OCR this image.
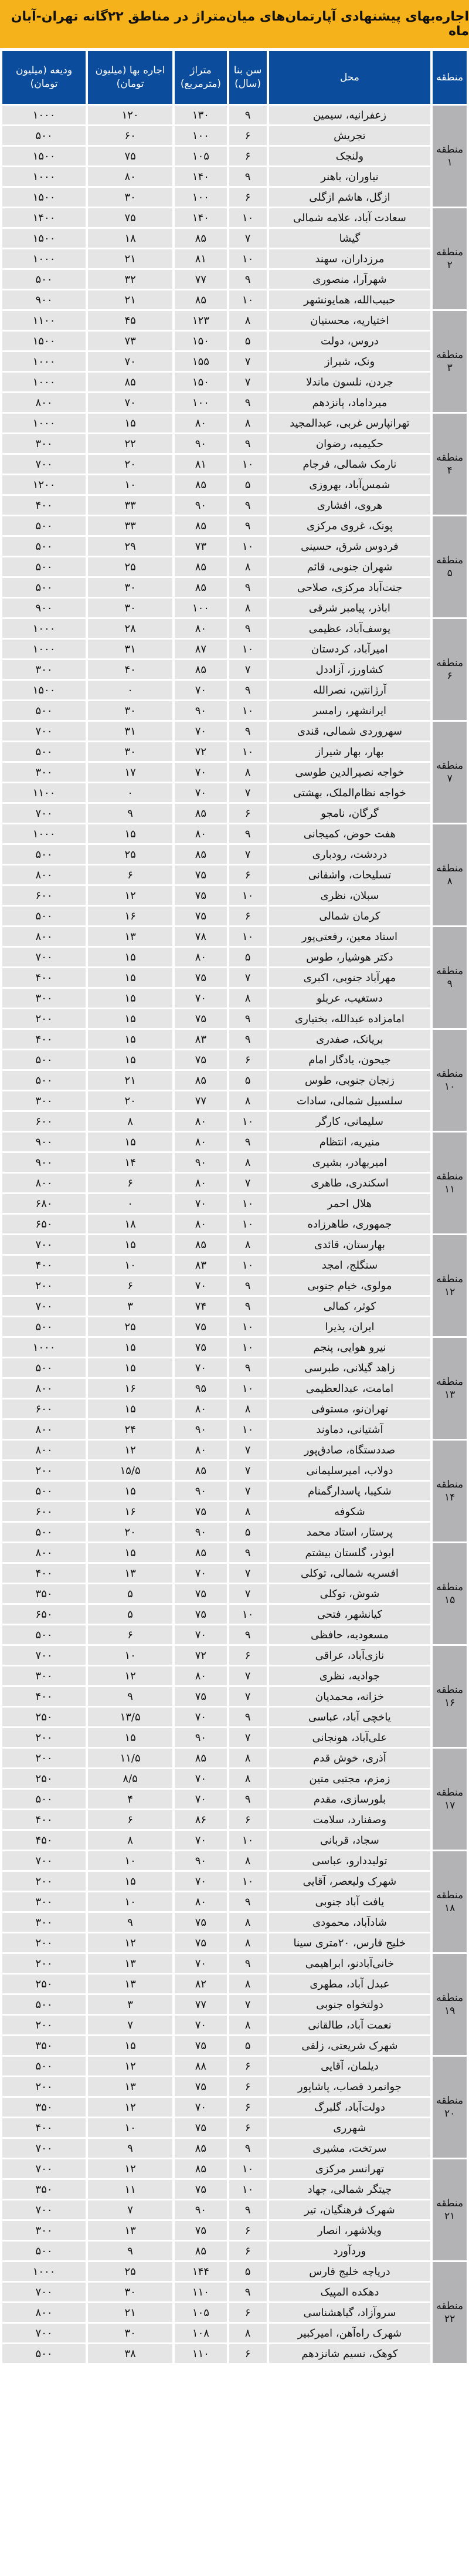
اجاره‌بهای پیشنهادی آپارتمان‌های میان‌متراژ در مناطق ۲۲گانه تهران-آبان ماه
منطقه	محل	سن بنا (سال)	متراژ (مترمربع)	اجاره بها (میلیون تومان)	ودیعه (میلیون تومان)
منطقه ۱	زعفرانیه، سیمین	۹	۱۳۰	۱۲۰	۱۰۰۰
	تجریش	۶	۱۰۰	۶۰	۵۰۰
	ولنجک	۶	۱۰۵	۷۵	۱۵۰۰
	نیاوران، باهنر	۹	۱۴۰	۸۰	۱۰۰۰
	ازگل، هاشم ازگلی	۶	۱۰۰	۳۰	۱۵۰۰
منطقه ۲	سعادت آباد، علامه شمالی	۱۰	۱۴۰	۷۵	۱۴۰۰
	گیشا	۷	۸۵	۱۸	۱۵۰۰
	مرزداران، سهند	۱۰	۸۱	۲۱	۱۰۰۰
	شهرآرا، منصوری	۹	۷۷	۳۲	۵۰۰
	حبیب‌الله، همایونشهر	۱۰	۸۵	۲۱	۹۰۰
منطقه ۳	اختیاریه، محسنیان	۸	۱۲۳	۴۵	۱۱۰۰
	دروس، دولت	۵	۱۵۰	۷۳	۱۵۰۰
	ونک، شیراز	۷	۱۵۵	۷۰	۱۰۰۰
	جردن، نلسون ماندلا	۷	۱۵۰	۸۵	۱۰۰۰
	میرداماد، پانزدهم	۹	۱۰۰	۷۰	۸۰۰
منطقه ۴	تهرانپارس غربی، عبدالمجید	۸	۸۰	۱۵	۱۰۰۰
	حکیمیه، رضوان	۹	۹۰	۲۲	۳۰۰
	نارمک شمالی، فرجام	۱۰	۸۱	۲۰	۷۰۰
	شمس‌آباد، بهروزی	۵	۸۵	۱۰	۱۲۰۰
	هروی، افشاری	۹	۹۰	۳۳	۴۰۰
منطقه ۵	پونک، غروی مرکزی	۹	۸۵	۳۳	۵۰۰
	فردوس شرق، حسینی	۱۰	۷۳	۲۹	۵۰۰
	شهران جنوبی، قائم	۸	۸۵	۲۵	۵۰۰
	جنت‌آباد مرکزی، صلاحی	۹	۸۵	۳۰	۵۰۰
	اباذر، پیامبر شرقی	۸	۱۰۰	۳۰	۹۰۰
منطقه ۶	یوسف‌آباد، عظیمی	۹	۸۰	۲۸	۱۰۰۰
	امیرآباد، کردستان	۱۰	۸۷	۳۱	۱۰۰۰
	کشاورز، آزاددل	۷	۸۵	۴۰	۳۰۰
	آرژانتین، نصرالله	۹	۷۰	۰	۱۵۰۰
	ایرانشهر، رامسر	۱۰	۹۰	۳۰	۵۰۰
منطقه ۷	سهروردی شمالی، قندی	۹	۷۰	۳۱	۷۰۰
	بهار، بهار شیراز	۱۰	۷۲	۳۰	۵۰۰
	خواجه نصیرالدین طوسی	۸	۷۰	۱۷	۳۰۰
	خواجه نظام‌الملک، بهشتی	۷	۷۰	۰	۱۱۰۰
	گرگان، نامجو	۶	۸۵	۹	۷۰۰
منطقه ۸	هفت حوض، کمیجانی	۹	۸۰	۱۵	۱۰۰۰
	دردشت، رودباری	۷	۸۵	۲۵	۵۰۰
	تسلیحات، واشقانی	۶	۷۵	۶	۸۰۰
	سبلان، نظری	۱۰	۷۵	۱۲	۶۰۰
	کرمان شمالی	۶	۷۵	۱۶	۵۰۰
منطقه ۹	استاد معین، رفعتی‌پور	۱۰	۷۸	۱۳	۸۰۰
	دکتر هوشیار، طوس	۵	۸۰	۱۵	۷۰۰
	مهرآباد جنوبی، اکبری	۷	۷۵	۱۵	۴۰۰
	دستغیب، عربلو	۸	۷۰	۱۵	۳۰۰
	امامزاده عبدالله، بختیاری	۹	۷۵	۱۵	۲۰۰
منطقه ۱۰	بریانک، صفدری	۹	۸۳	۱۵	۴۰۰
	جیحون، یادگار امام	۶	۷۵	۱۵	۵۰۰
	زنجان جنوبی، طوس	۵	۸۵	۲۱	۵۰۰
	سلسبیل شمالی، سادات	۸	۷۷	۲۰	۳۰۰
	سلیمانی، کارگر	۱۰	۸۰	۸	۶۰۰
منطقه ۱۱	منیریه، انتظام	۹	۸۰	۱۵	۹۰۰
	امیربهادر، بشیری	۸	۹۰	۱۴	۹۰۰
	اسکندری، طاهری	۷	۸۰	۶	۸۰۰
	هلال احمر	۱۰	۷۰	۰	۶۸۰
	جمهوری، طاهرزاده	۱۰	۸۰	۱۸	۶۵۰
منطقه ۱۲	بهارستان، قائدی	۸	۸۵	۱۵	۷۰۰
	سنگلج، امجد	۱۰	۸۳	۱۰	۴۰۰
	مولوی، خیام جنوبی	۹	۷۰	۶	۲۰۰
	کوثر، کمالی	۹	۷۴	۳	۷۰۰
	ایران، پذیرا	۱۰	۷۵	۲۵	۵۰۰
منطقه ۱۳	نیرو هوایی، پنجم	۱۰	۷۵	۱۵	۱۰۰۰
	زاهد گیلانی، طبرسی	۹	۷۰	۱۵	۵۰۰
	امامت، عبدالعظیمی	۱۰	۹۵	۱۶	۸۰۰
	تهران‌نو، مستوفی	۸	۸۰	۱۵	۶۰۰
	آشتیانی، دماوند	۱۰	۹۰	۲۴	۸۰۰
منطقه ۱۴	صددستگاه، صادق‌پور	۷	۸۰	۱۲	۸۰۰
	دولاب، امیرسلیمانی	۷	۸۵	۱۵/۵	۲۰۰
	شکیبا، پاسدارگمنام	۷	۹۰	۱۵	۵۰۰
	شکوفه	۸	۷۵	۱۶	۶۰۰
	پرستار، استاد محمد	۵	۹۰	۲۰	۵۰۰
منطقه ۱۵	ابوذر، گلستان بیشتم	۹	۸۵	۱۵	۸۰۰
	افسریه شمالی، توکلی	۷	۷۰	۱۳	۴۰۰
	شوش، توکلی	۷	۷۵	۵	۳۵۰
	کیانشهر، فتحی	۱۰	۷۵	۵	۶۵۰
	مسعودیه، حافظی	۹	۷۰	۶	۵۰۰
منطقه ۱۶	نازی‌آباد، عراقی	۶	۷۲	۱۰	۷۰۰
	جوادیه، نظری	۷	۸۰	۱۲	۳۰۰
	خزانه، محمدیان	۷	۷۵	۹	۴۰۰
	یاخچی آباد، عباسی	۹	۷۰	۱۳/۵	۲۵۰
	علی‌آباد، هونجانی	۷	۹۰	۱۵	۲۰۰
منطقه ۱۷	آذری، خوش قدم	۸	۸۵	۱۱/۵	۲۰۰
	زمزم، مجتبی متین	۸	۷۰	۸/۵	۲۵۰
	بلورسازی، مقدم	۹	۷۰	۴	۵۰۰
	وصفنارد، سلامت	۶	۸۶	۶	۴۰۰
	سجاد، قربانی	۱۰	۷۰	۸	۴۵۰
منطقه ۱۸	تولیددارو، عباسی	۸	۹۰	۱۰	۷۰۰
	شهرک ولیعصر، آقایی	۱۰	۷۰	۱۵	۲۰۰
	یافت آباد جنوبی	۹	۸۰	۱۰	۳۰۰
	شادآباد، محمودی	۸	۷۵	۹	۳۰۰
	خلیج فارس، ۲۰متری سینا	۸	۷۵	۱۲	۲۰۰
منطقه ۱۹	خانی‌آبادنو، ابراهیمی	۹	۷۰	۱۳	۲۰۰
	عبدل آباد، مطهری	۸	۸۲	۱۳	۲۵۰
	دولتخواه جنوبی	۷	۷۷	۳	۵۰۰
	نعمت آباد، طالقانی	۸	۷۰	۷	۲۰۰
	شهرک شریعتی، زلفی	۵	۷۵	۱۵	۳۵۰
منطقه ۲۰	دیلمان، آقایی	۶	۸۸	۱۲	۵۰۰
	جوانمرد قصاب، پاشاپور	۶	۷۵	۱۳	۲۰۰
	دولت‌آباد، گلبرگ	۶	۷۰	۱۲	۳۵۰
	شهرری	۶	۷۵	۱۰	۴۰۰
	سرتخت، مشیری	۹	۸۵	۹	۷۰۰
منطقه ۲۱	تهرانسر مرکزی	۱۰	۸۵	۱۲	۷۰۰
	چیتگر شمالی، جهاد	۱۰	۷۵	۱۱	۳۵۰
	شهرک فرهنگیان، تیر	۹	۹۰	۷	۷۰۰
	ویلاشهر، انصار	۶	۷۵	۱۳	۳۰۰
	وردآورد	۶	۸۵	۹	۵۰۰
منطقه ۲۲	دریاچه خلیج فارس	۵	۱۴۴	۲۵	۱۰۰۰
	دهکده المپیک	۹	۱۱۰	۳۰	۷۰۰
	سروآزاد، گیاهشناسی	۶	۱۰۵	۲۱	۸۰۰
	شهرک راه‌آهن، امیرکبیر	۸	۱۰۸	۳۰	۷۰۰
	کوهک، نسیم شانزدهم	۶	۱۱۰	۳۸	۵۰۰
